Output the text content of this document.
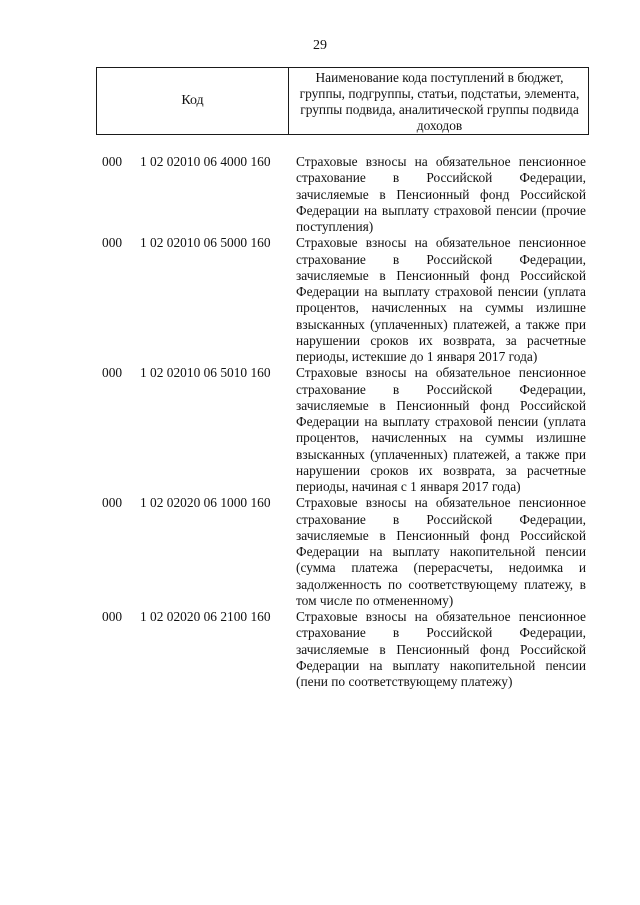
29
Код
Наименование кода поступлений в бюджет, группы, подгруппы, статьи, подстатьи, элемента, группы подвида, аналитической группы подвида доходов
000 1 02 02010 06 4000 160 Страховые взносы на обязательное пенсионное страхование в Российской Федерации, зачисляемые в Пенсионный фонд Российской Федерации на выплату страховой пенсии (прочие поступления)
000 1 02 02010 06 5000 160 Страховые взносы на обязательное пенсионное страхование в Российской Федерации, зачисляемые в Пенсионный фонд Российской Федерации на выплату страховой пенсии (уплата процентов, начисленных на суммы излишне взысканных (уплаченных) платежей, а также при нарушении сроков их возврата, за расчетные периоды, истекшие до 1 января 2017 года)
000 1 02 02010 06 5010 160 Страховые взносы на обязательное пенсионное страхование в Российской Федерации, зачисляемые в Пенсионный фонд Российской Федерации на выплату страховой пенсии (уплата процентов, начисленных на суммы излишне взысканных (уплаченных) платежей, а также при нарушении сроков их возврата, за расчетные периоды, начиная с 1 января 2017 года)
000 1 02 02020 06 1000 160 Страховые взносы на обязательное пенсионное страхование в Российской Федерации, зачисляемые в Пенсионный фонд Российской Федерации на выплату накопительной пенсии (сумма платежа (перерасчеты, недоимка и задолженность по соответствующему платежу, в том числе по отмененному)
000 1 02 02020 06 2100 160 Страховые взносы на обязательное пенсионное страхование в Российской Федерации, зачисляемые в Пенсионный фонд Российской Федерации на выплату накопительной пенсии (пени по соответствующему платежу)
